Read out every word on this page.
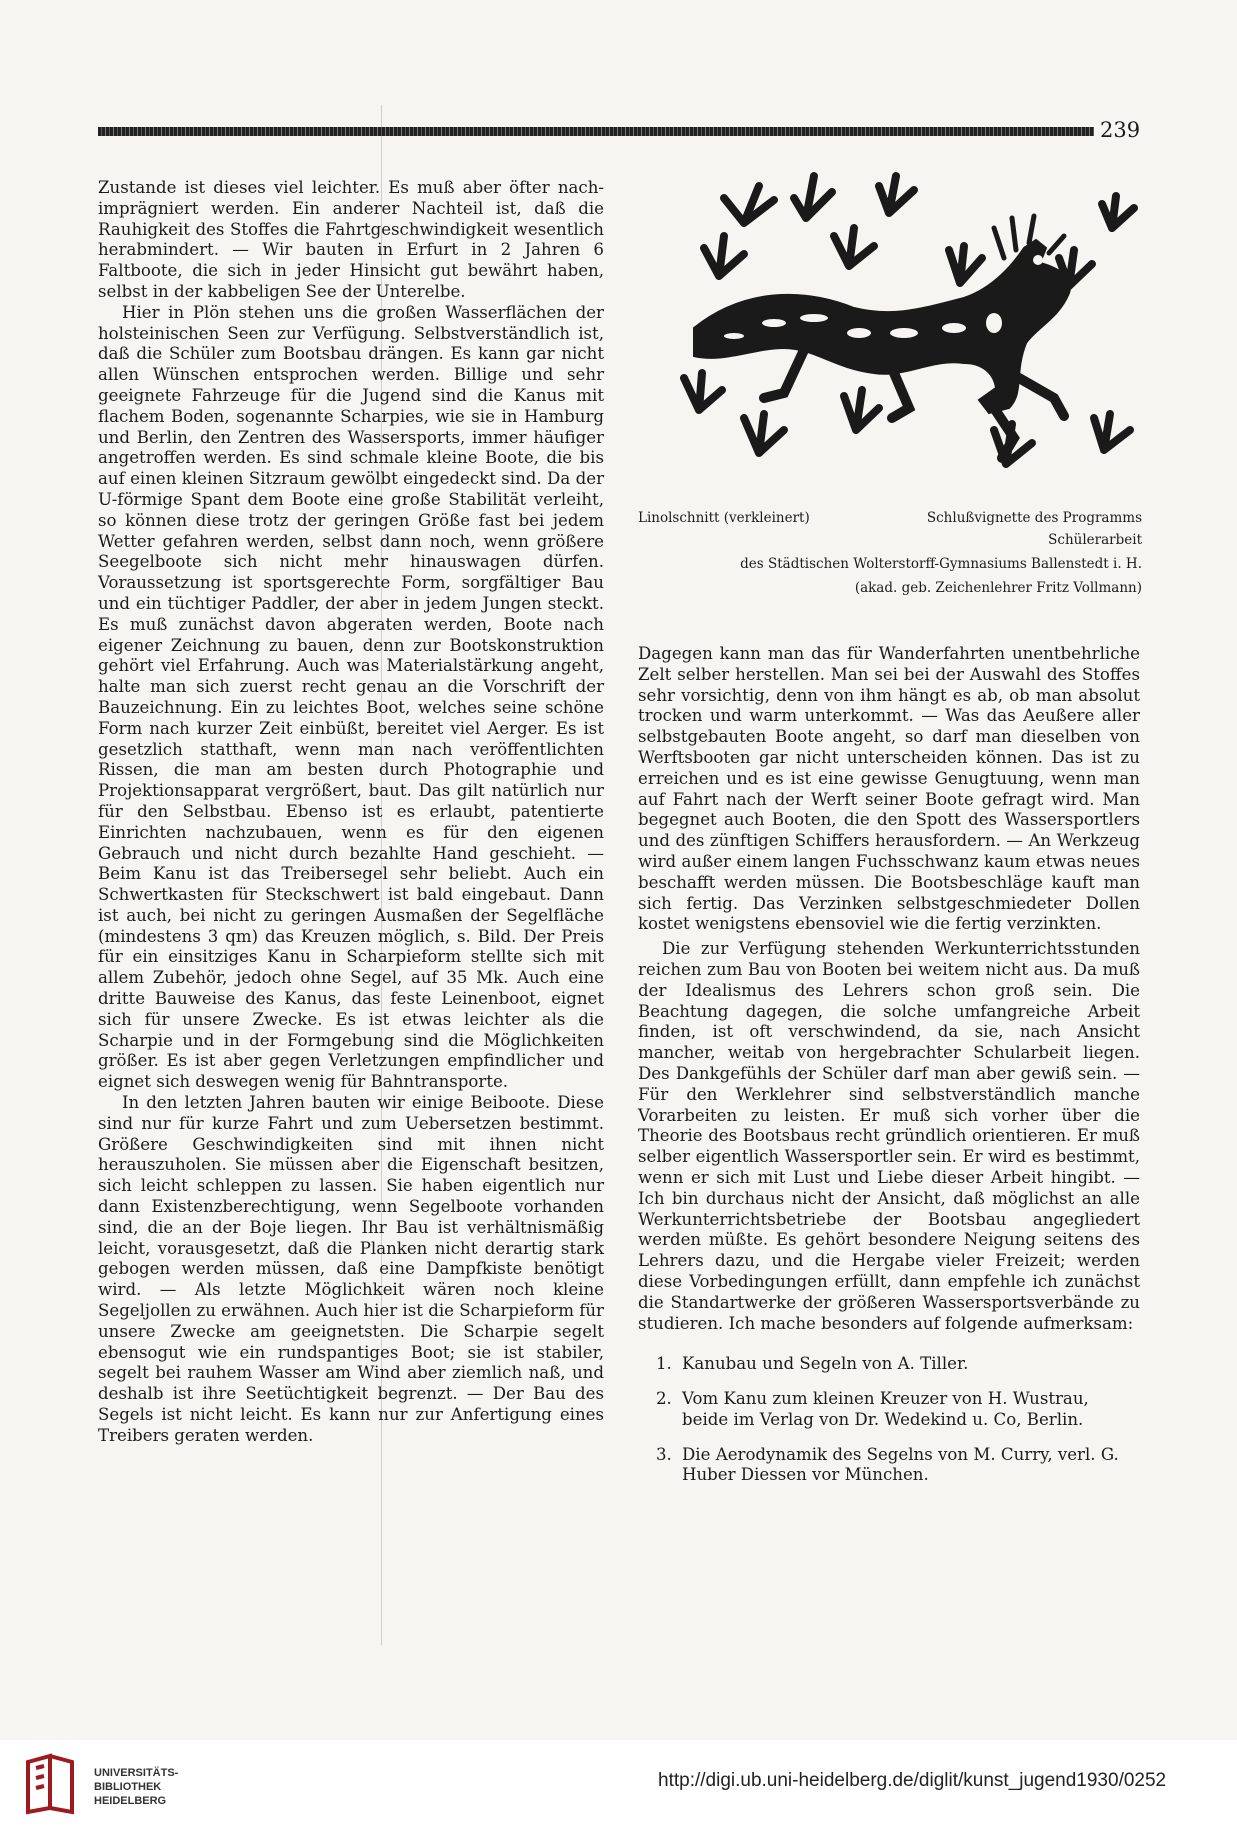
239

Zustande ist dieses viel leichter. Es muß aber öfter nach-imprägniert werden. Ein anderer Nachteil ist, daß die Rauhigkeit des Stoffes die Fahrtgeschwindigkeit wesentlich herabmindert. — Wir bauten in Erfurt in 2 Jahren 6 Faltboote, die sich in jeder Hinsicht gut bewährt haben, selbst in der kabbeligen See der Unterelbe.

Hier in Plön stehen uns die großen Wasserflächen der holsteinischen Seen zur Verfügung. Selbstverständlich ist, daß die Schüler zum Bootsbau drängen. Es kann gar nicht allen Wünschen entsprochen werden. Billige und sehr geeignete Fahrzeuge für die Jugend sind die Kanus mit flachem Boden, sogenannte Scharpies, wie sie in Hamburg und Berlin, den Zentren des Wassersports, immer häufiger angetroffen werden. Es sind schmale kleine Boote, die bis auf einen kleinen Sitzraum gewölbt eingedeckt sind. Da der U-förmige Spant dem Boote eine große Stabilität verleiht, so können diese trotz der geringen Größe fast bei jedem Wetter gefahren werden, selbst dann noch, wenn größere Seegelboote sich nicht mehr hinauswagen dürfen. Voraussetzung ist sportsgerechte Form, sorgfältiger Bau und ein tüchtiger Paddler, der aber in jedem Jungen steckt. Es muß zunächst davon abgeraten werden, Boote nach eigener Zeichnung zu bauen, denn zur Bootskonstruktion gehört viel Erfahrung. Auch was Materialstärkung angeht, halte man sich zuerst recht genau an die Vorschrift der Bauzeichnung. Ein zu leichtes Boot, welches seine schöne Form nach kurzer Zeit einbüßt, bereitet viel Aerger. Es ist gesetzlich statthaft, wenn man nach veröffentlichten Rissen, die man am besten durch Photographie und Projektionsapparat vergrößert, baut. Das gilt natürlich nur für den Selbstbau. Ebenso ist es erlaubt, patentierte Einrichten nachzubauen, wenn es für den eigenen Gebrauch und nicht durch bezahlte Hand geschieht. — Beim Kanu ist das Treibersegel sehr beliebt. Auch ein Schwertkasten für Steckschwert ist bald eingebaut. Dann ist auch, bei nicht zu geringen Ausmaßen der Segelfläche (mindestens 3 qm) das Kreuzen möglich, s. Bild. Der Preis für ein einsitziges Kanu in Scharpieform stellte sich mit allem Zubehör, jedoch ohne Segel, auf 35 Mk. Auch eine dritte Bauweise des Kanus, das feste Leinenboot, eignet sich für unsere Zwecke. Es ist etwas leichter als die Scharpie und in der Formgebung sind die Möglichkeiten größer. Es ist aber gegen Verletzungen empfindlicher und eignet sich deswegen wenig für Bahntransporte.

In den letzten Jahren bauten wir einige Beiboote. Diese sind nur für kurze Fahrt und zum Uebersetzen bestimmt. Größere Geschwindigkeiten sind mit ihnen nicht herauszuholen. Sie müssen aber die Eigenschaft besitzen, sich leicht schleppen zu lassen. Sie haben eigentlich nur dann Existenzberechtigung, wenn Segelboote vorhanden sind, die an der Boje liegen. Ihr Bau ist verhältnismäßig leicht, vorausgesetzt, daß die Planken nicht derartig stark gebogen werden müssen, daß eine Dampfkiste benötigt wird. — Als letzte Möglichkeit wären noch kleine Segeljollen zu erwähnen. Auch hier ist die Scharpieform für unsere Zwecke am geeignetsten. Die Scharpie segelt ebensogut wie ein rundspantiges Boot; sie ist stabiler, segelt bei rauhem Wasser am Wind aber ziemlich naß, und deshalb ist ihre Seetüchtigkeit begrenzt. — Der Bau des Segels ist nicht leicht. Es kann nur zur Anfertigung eines Treibers geraten werden.

Linolschnitt (verkleinert)	Schlußvignette des Programms
Schülerarbeit
des Städtischen Wolterstorff-Gymnasiums Ballenstedt i. H.
(akad. geb. Zeichenlehrer Fritz Vollmann)

Dagegen kann man das für Wanderfahrten unentbehrliche Zelt selber herstellen. Man sei bei der Auswahl des Stoffes sehr vorsichtig, denn von ihm hängt es ab, ob man absolut trocken und warm unterkommt. — Was das Aeußere aller selbstgebauten Boote angeht, so darf man dieselben von Werftsbooten gar nicht unterscheiden können. Das ist zu erreichen und es ist eine gewisse Genugtuung, wenn man auf Fahrt nach der Werft seiner Boote gefragt wird. Man begegnet auch Booten, die den Spott des Wassersportlers und des zünftigen Schiffers herausfordern. — An Werkzeug wird außer einem langen Fuchsschwanz kaum etwas neues beschafft werden müssen. Die Bootsbeschläge kauft man sich fertig. Das Verzinken selbstgeschmiedeter Dollen kostet wenigstens ebensoviel wie die fertig verzinkten.

Die zur Verfügung stehenden Werkunterrichtsstunden reichen zum Bau von Booten bei weitem nicht aus. Da muß der Idealismus des Lehrers schon groß sein. Die Beachtung dagegen, die solche umfangreiche Arbeit finden, ist oft verschwindend, da sie, nach Ansicht mancher, weitab von hergebrachter Schularbeit liegen. Des Dankgefühls der Schüler darf man aber gewiß sein. — Für den Werklehrer sind selbstverständlich manche Vorarbeiten zu leisten. Er muß sich vorher über die Theorie des Bootsbaus recht gründlich orientieren. Er muß selber eigentlich Wassersportler sein. Er wird es bestimmt, wenn er sich mit Lust und Liebe dieser Arbeit hingibt. — Ich bin durchaus nicht der Ansicht, daß möglichst an alle Werkunterrichtsbetriebe der Bootsbau angegliedert werden müßte. Es gehört besondere Neigung seitens des Lehrers dazu, und die Hergabe vieler Freizeit; werden diese Vorbedingungen erfüllt, dann empfehle ich zunächst die Standartwerke der größeren Wassersportsverbände zu studieren. Ich mache besonders auf folgende aufmerksam:

1. Kanubau und Segeln von A. Tiller.
2. Vom Kanu zum kleinen Kreuzer von H. Wustrau, beide im Verlag von Dr. Wedekind u. Co, Berlin.
3. Die Aerodynamik des Segelns von M. Curry, verl. G. Huber Diessen vor München.
UNIVERSITÄTS-
BIBLIOTHEK
HEIDELBERG
http://digi.ub.uni-heidelberg.de/diglit/kunst_jugend1930/0252
